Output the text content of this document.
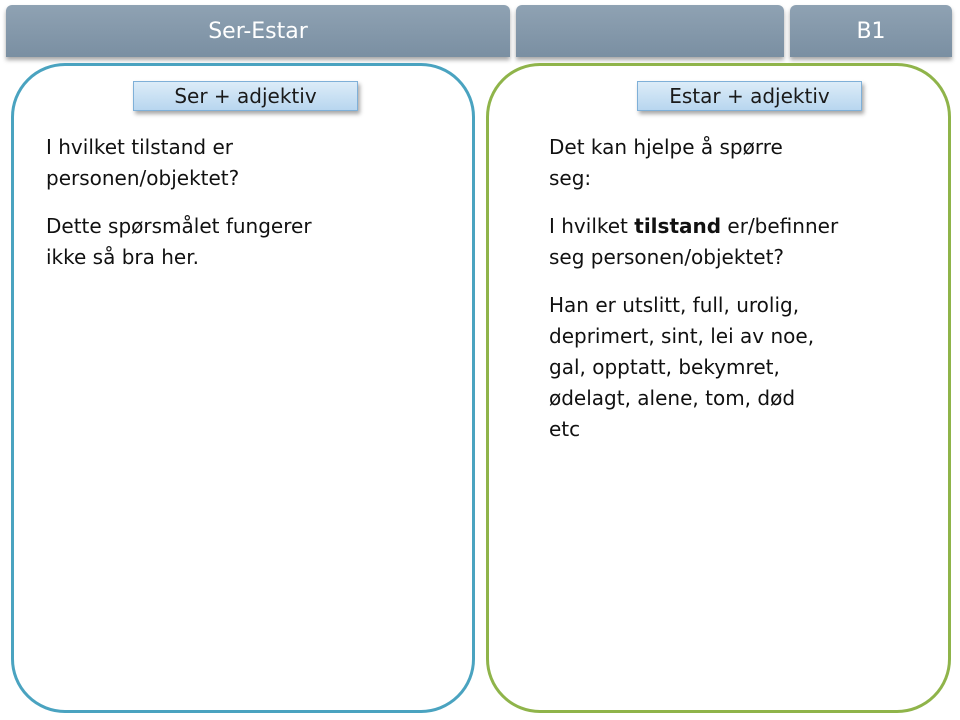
Ser-Estar	B1
Ser + adjektiv	Estar + adjektiv

I hvilket tilstand er

personen/objektet?

Dette spørsmålet fungerer

ikke så bra her.

Det kan hjelpe å spørre

seg:

I hvilket tilstand er/befinner

seg personen/objektet?

Han er utslitt, full, urolig,

deprimert, sint, lei av noe,

gal, opptatt, bekymret,

ødelagt, alene, tom, død

etc
